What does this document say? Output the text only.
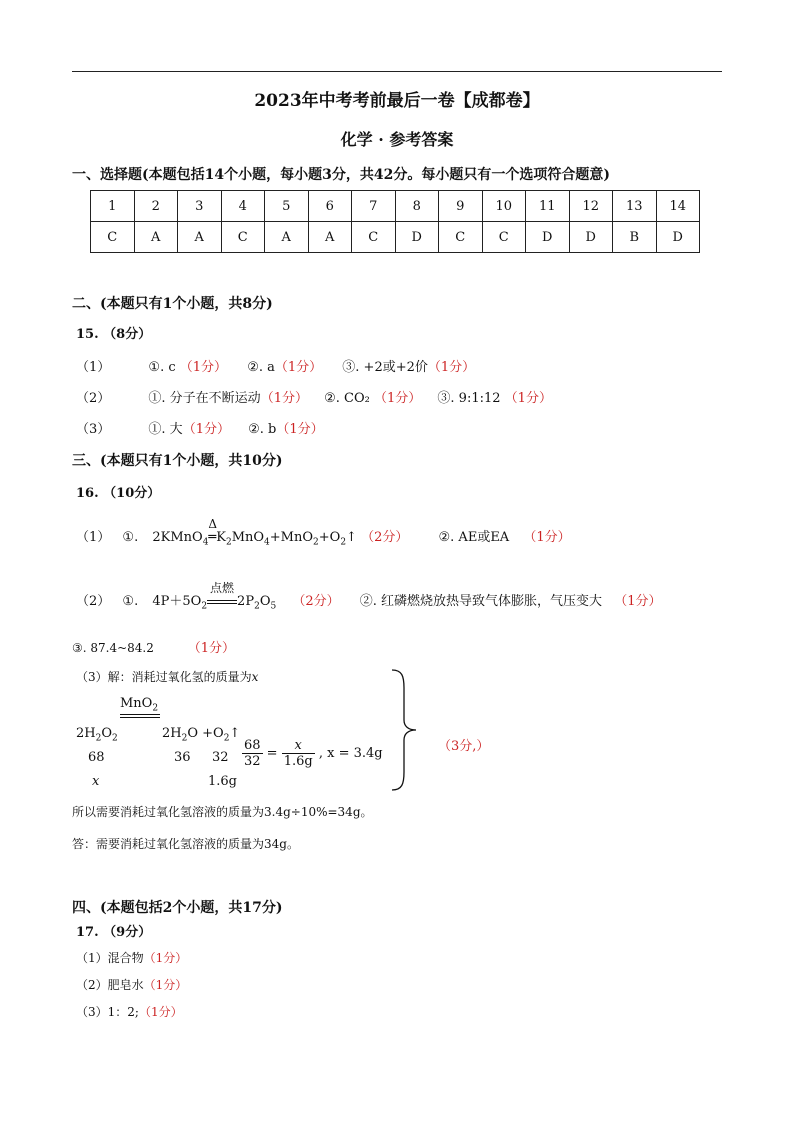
2023年中考考前最后一卷【成都卷】
化学 · 参考答案
一、选择题(本题包括14个小题，每小题3分，共42分。每小题只有一个选项符合题意)
1	2	3	4	5	6	7	8	9	10	11	12	13	14
C	A	A	C	A	A	C	D	C	C	D	D	B	D
二、(本题只有1个小题，共8分)
15. （8分）
（1）	①. c （1分） ②. a（1分） ③. +2或+2价（1分）
（2）	①. 分子在不断运动（1分） ②. CO₂ （1分） ③. 9:1:12 （1分）
（3）	①. 大（1分） ②. b（1分）
三、(本题只有1个小题，共10分)
16. （10分）
（1） ①. 2KMnO$_4$
Δ
$═K_2MnO_4+MnO_2+O_2↑$ （2分） ②. AE或EA （1分）
（2） ①. $4P+5O_2$
点燃
$2P_2O_5$ （2分） ②. 红磷燃烧放热导致气体膨胀，气压变大 （1分）
③. 87.4~84.2	（1分）
（3）解：消耗过氧化氢的质量为x
MnO$_2$
$2H_2O_2$	$2H_2O$ $+O_2↑$
68	36 32
x	1.6g
$\frac{68}{32} = \frac{x}{1.6g}$ , x = 3.4g	（3分,）
所以需要消耗过氧化氢溶液的质量为3.4g÷10%=34g。
答：需要消耗过氧化氢溶液的质量为34g。
四、(本题包括2个小题，共17分)
17. （9分）
（1）混合物（1分）
（2）肥皂水（1分）
（3）1：2;（1分）
